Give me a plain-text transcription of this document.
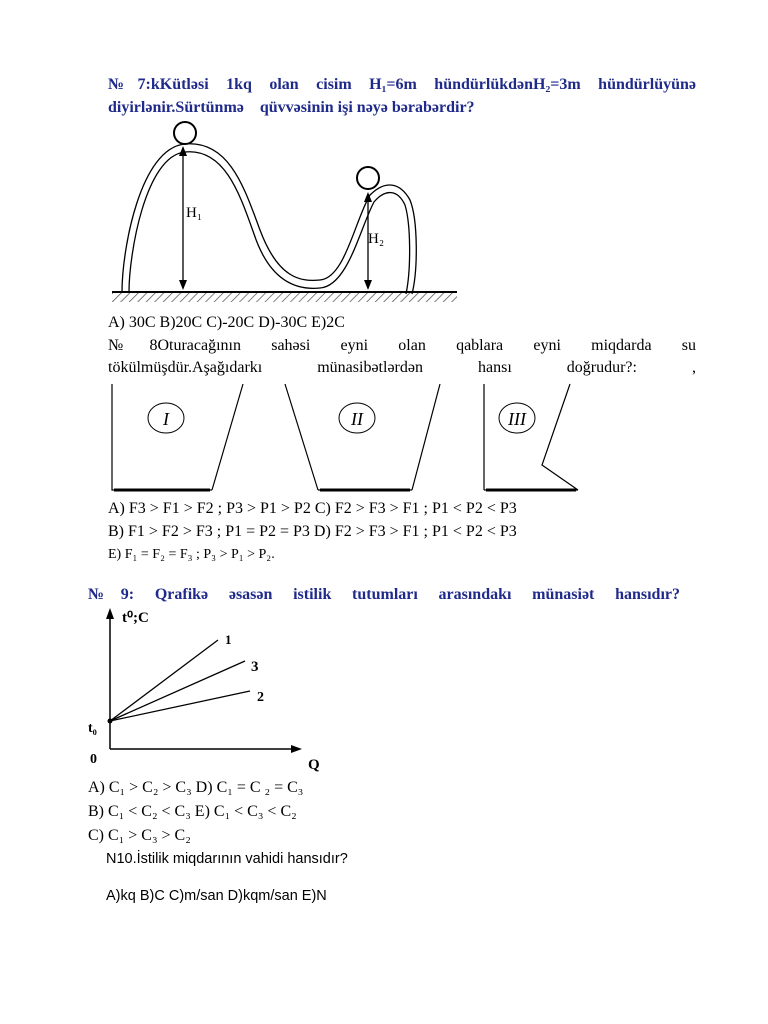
№7:kKütləsi 1kq olan cisim H₁=6m hündürlükdənH₂=3m hündürlüyünə
diyirlənir.Sürtünmə    qüvvəsinin işi nəyə bərabərdir?
H₁
H₂
A) 30C B)20C C)-20C D)-30C E)2C
№8Oturacağının sahəsi eyni olan qablara eyni miqdarda su
tökülmüşdür.Aşağıdarkı münasibətlərdən hansı doğrudur?: ,
I	II	III
A) F3 > F1 > F2 ; P3 > P1 > P2 C) F2 > F3 > F1 ; P1 < P2 < P3
B) F1 > F2 > F3 ; P1 = P2 = P3 D) F2 > F3 > F1 ; P1 < P2 < P3
E) F₁ = F₂ = F₃ ; P₃ > P₁ > P₂.
№9: Qrafikə əsasən istilik tutumları arasındakı münasiət hansıdır?
t⁰;C
Q
0
t₀
1
3
2
A) C₁ > C₂ > C₃ D) C₁ = C ₂ = C₃
B) C₁ < C₂ < C₃ E) C₁ < C₃ < C₂
C) C₁ > C₃ > C₂
N10.İstilik miqdarının vahidi hansıdır?
A)kq B)C C)m/san D)kqm/san E)N
